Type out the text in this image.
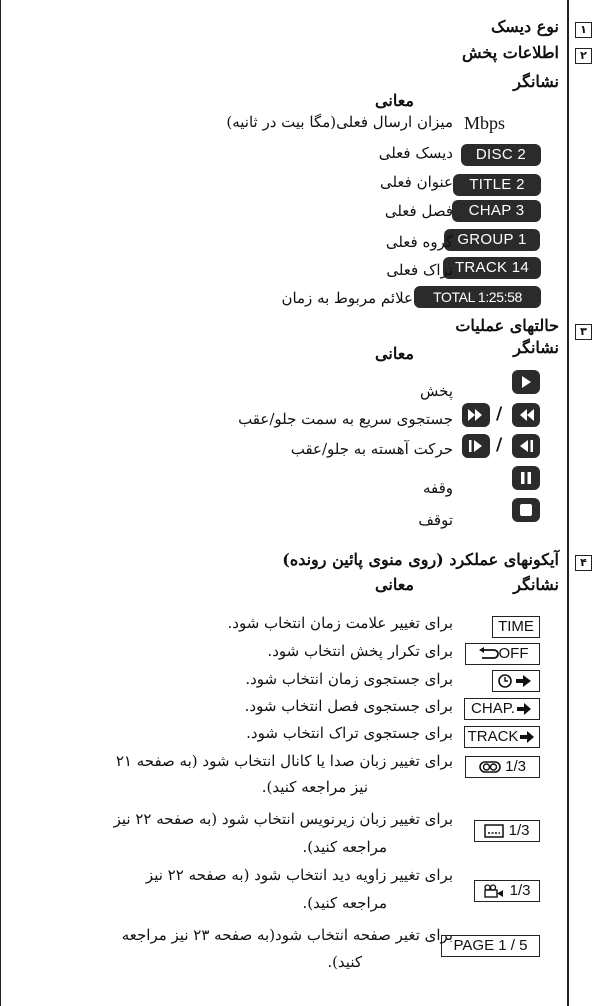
١
نوع دیسک
٢
اطلاعات پخش
نشانگر
معانی
Mbps
میزان ارسال فعلی(مگا بیت در ثانیه)
DISC 2
دیسک فعلی
TITLE 2
عنوان فعلی
CHAP 3
فصل فعلی
GROUP 1
گروه فعلی
TRACK 14
تراک فعلی
TOTAL 1:25:58
علائم مربوط به زمان
٣
حالتهای عملیات
نشانگر
معانی
پخش
/
جستجوی سریع به سمت جلو/عقب
/
حرکت آهسته به جلو/عقب
وقفه
توقف
۴
آیکونهای عملکرد (روی منوی پائین رونده)
نشانگر
معانی
TIME
برای تغییر علامت زمان انتخاب شود.
OFF
برای تکرار پخش انتخاب شود.
برای جستجوی زمان انتخاب شود.
CHAP.
برای جستجوی فصل انتخاب شود.
TRACK
برای جستجوی تراک انتخاب شود.
1/3
برای تغییر زبان صدا یا کانال انتخاب شود (به صفحه ٢١
نیز مراجعه کنید).
1/3
برای تغییر زبان زیرنویس انتخاب شود (به صفحه ٢٢ نیز
مراجعه کنید).
1/3
برای تغییر زاویه دید انتخاب شود (به صفحه ٢٢ نیز
مراجعه کنید).
PAGE 1 / 5
برای تغیر صفحه انتخاب شود(به صفحه ٢٣ نیز مراجعه
کنید).
